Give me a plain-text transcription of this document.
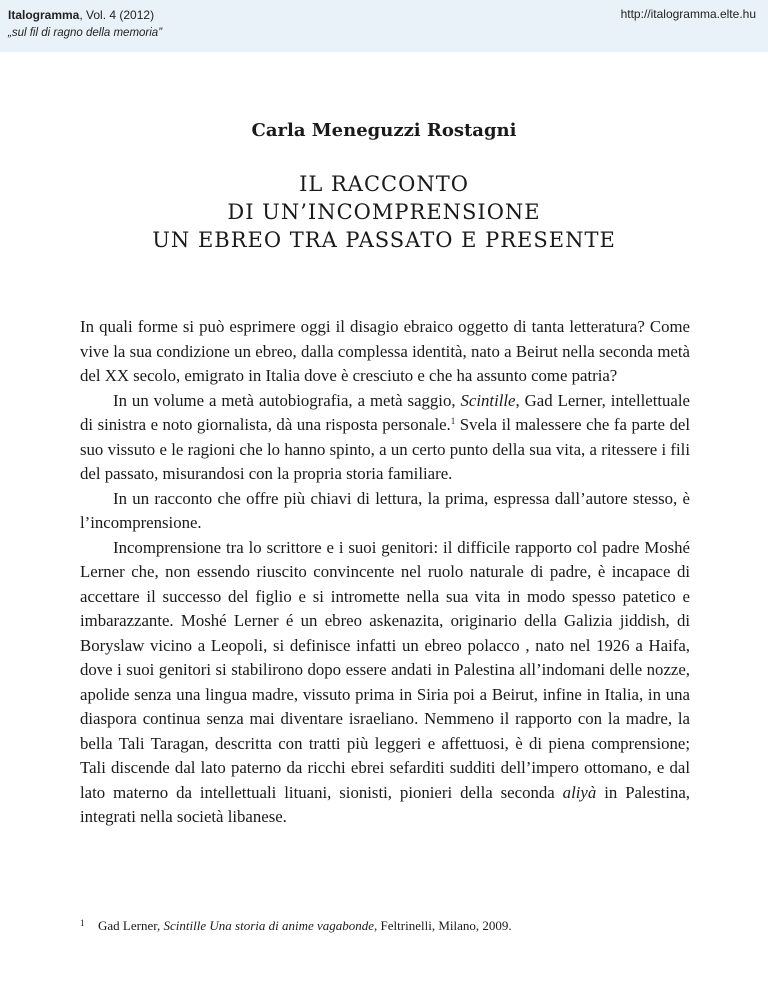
Italogramma, Vol. 4 (2012)
„sul fil di ragno della memoria”
http://italogramma.elte.hu
Carla Meneguzzi Rostagni
IL RACCONTO
DI UN’INCOMPRENSIONE
UN EBREO TRA PASSATO E PRESENTE

In quali forme si può esprimere oggi il disagio ebraico oggetto di tanta letteratura? Come vive la sua condizione un ebreo, dalla complessa identità, nato a Beirut nella seconda metà del XX secolo, emigrato in Italia dove è cresciuto e che ha assunto come patria?

In un volume a metà autobiografia, a metà saggio, Scintille, Gad Lerner, intellettuale di sinistra e noto giornalista, dà una risposta personale.$^1$ Svela il malessere che fa parte del suo vissuto e le ragioni che lo hanno spinto, a un certo punto della sua vita, a ritessere i fili del passato, misurandosi con la propria storia familiare.

In un racconto che offre più chiavi di lettura, la prima, espressa dall’autore stesso, è l’incomprensione.

Incomprensione tra lo scrittore e i suoi genitori: il difficile rapporto col padre Moshé Lerner che, non essendo riuscito convincente nel ruolo naturale di padre, è incapace di accettare il successo del figlio e si intromette nella sua vita in modo spesso patetico e imbarazzante. Moshé Lerner é un ebreo askenazita, originario della Galizia jiddish, di Boryslaw vicino a Leopoli, si definisce infatti un ebreo polacco , nato nel 1926 a Haifa, dove i suoi genitori si stabilirono dopo essere andati in Palestina all’indomani delle nozze, apolide senza una lingua madre, vissuto prima in Siria poi a Beirut, infine in Italia, in una diaspora continua senza mai diventare israeliano. Nemmeno il rapporto con la madre, la bella Tali Taragan, descritta con tratti più leggeri e affettuosi, è di piena comprensione; Tali discende dal lato paterno da ricchi ebrei sefarditi sudditi dell’impero ottomano, e dal lato materno da intellettuali lituani, sionisti, pionieri della seconda aliyà in Palestina, integrati nella società libanese.

1 Gad Lerner, Scintille Una storia di anime vagabonde, Feltrinelli, Milano, 2009.
